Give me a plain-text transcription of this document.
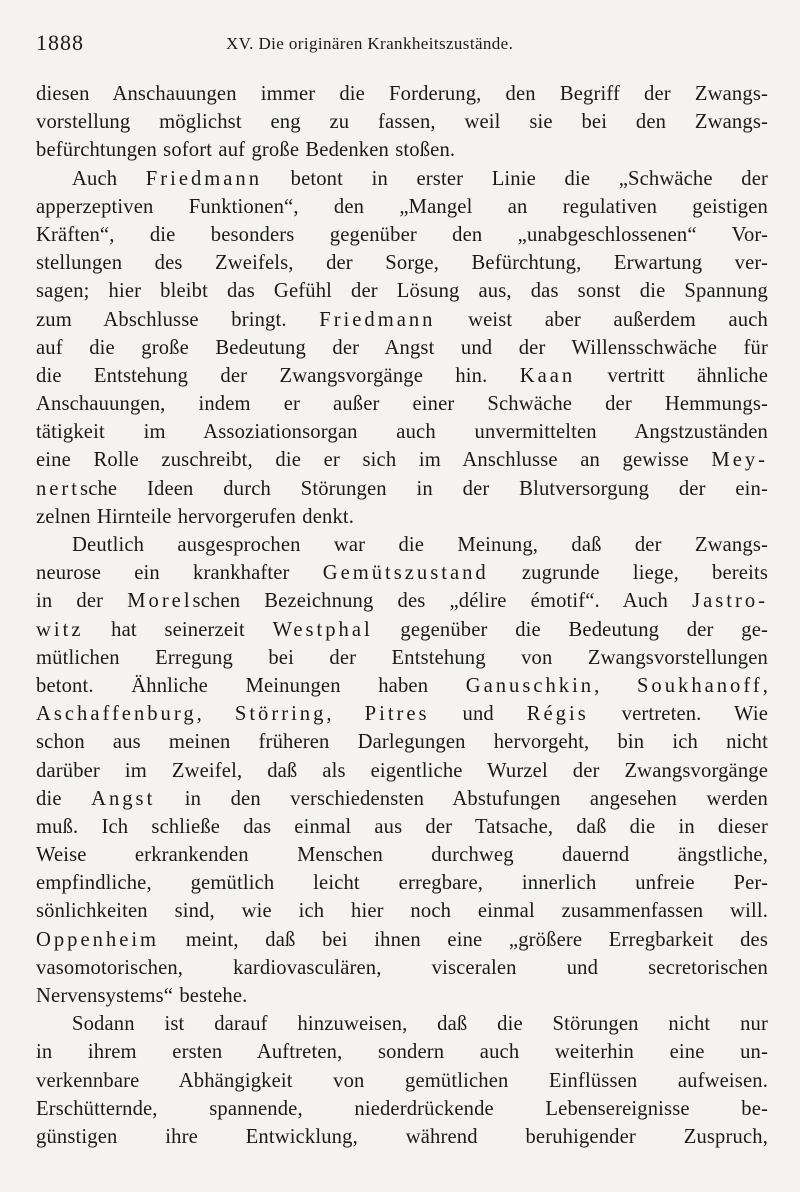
1888	XV. Die originären Krankheitszustände.
diesen Anschauungen immer die Forderung, den Begriff der Zwangs-
vorstellung möglichst eng zu fassen, weil sie bei den Zwangs-
befürchtungen sofort auf große Bedenken stoßen.
Auch Friedmann betont in erster Linie die „Schwäche der
apperzeptiven Funktionen“, den „Mangel an regulativen geistigen
Kräften“, die besonders gegenüber den „unabgeschlossenen“ Vor-
stellungen des Zweifels, der Sorge, Befürchtung, Erwartung ver-
sagen; hier bleibt das Gefühl der Lösung aus, das sonst die Spannung
zum Abschlusse bringt. Friedmann weist aber außerdem auch
auf die große Bedeutung der Angst und der Willensschwäche für
die Entstehung der Zwangsvorgänge hin. Kaan vertritt ähnliche
Anschauungen, indem er außer einer Schwäche der Hemmungs-
tätigkeit im Assoziationsorgan auch unvermittelten Angstzuständen
eine Rolle zuschreibt, die er sich im Anschlusse an gewisse Mey-
nertsche Ideen durch Störungen in der Blutversorgung der ein-
zelnen Hirnteile hervorgerufen denkt.
Deutlich ausgesprochen war die Meinung, daß der Zwangs-
neurose ein krankhafter Gemütszustand zugrunde liege, bereits
in der Morelschen Bezeichnung des „délire émotif“. Auch Jastro-
witz hat seinerzeit Westphal gegenüber die Bedeutung der ge-
mütlichen Erregung bei der Entstehung von Zwangsvorstellungen
betont. Ähnliche Meinungen haben Ganuschkin, Soukhanoff,
Aschaffenburg, Störring, Pitres und Régis vertreten. Wie
schon aus meinen früheren Darlegungen hervorgeht, bin ich nicht
darüber im Zweifel, daß als eigentliche Wurzel der Zwangsvorgänge
die Angst in den verschiedensten Abstufungen angesehen werden
muß. Ich schließe das einmal aus der Tatsache, daß die in dieser
Weise erkrankenden Menschen durchweg dauernd ängstliche,
empfindliche, gemütlich leicht erregbare, innerlich unfreie Per-
sönlichkeiten sind, wie ich hier noch einmal zusammenfassen will.
Oppenheim meint, daß bei ihnen eine „größere Erregbarkeit des
vasomotorischen, kardiovasculären, visceralen und secretorischen
Nervensystems“ bestehe.
Sodann ist darauf hinzuweisen, daß die Störungen nicht nur
in ihrem ersten Auftreten, sondern auch weiterhin eine un-
verkennbare Abhängigkeit von gemütlichen Einflüssen aufweisen.
Erschütternde, spannende, niederdrückende Lebensereignisse be-
günstigen ihre Entwicklung, während beruhigender Zuspruch,
